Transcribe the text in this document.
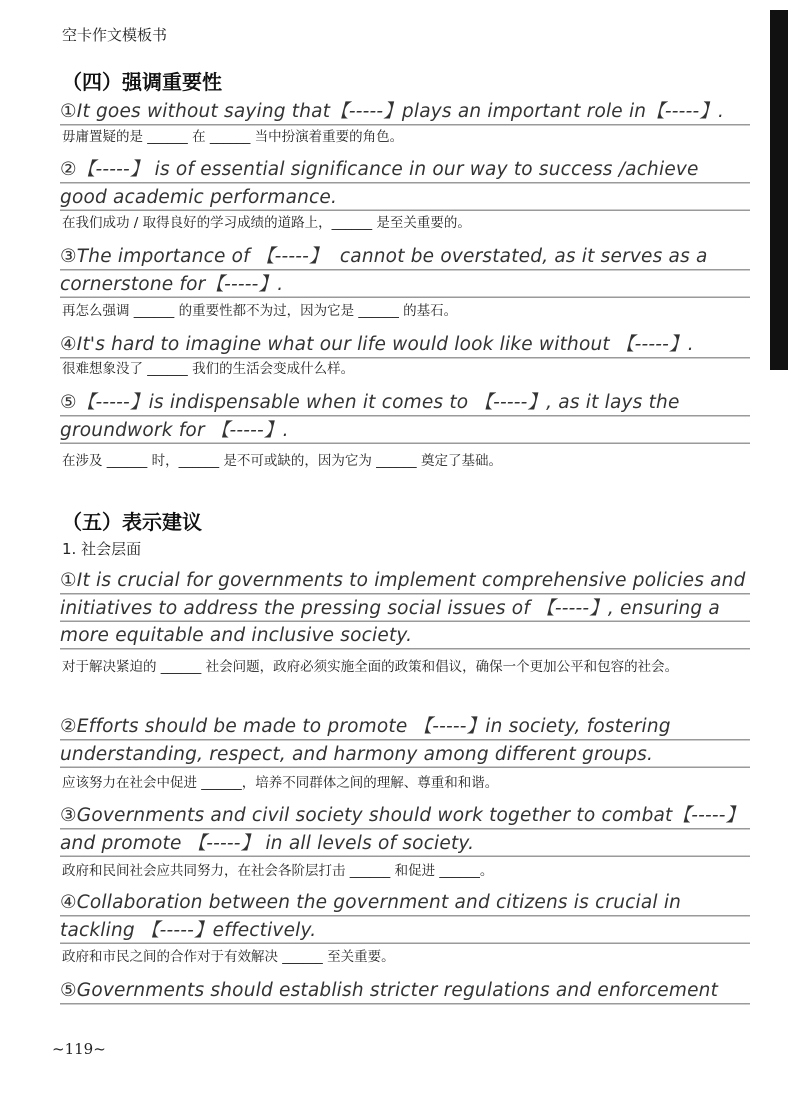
空卡作文模板书
（四）强调重要性
①It goes without saying that【-----】plays an important role in【-----】.
毋庸置疑的是 ______ 在 ______ 当中扮演着重要的角色。
②【-----】 is of essential significance in our way to success /achieve good academic performance.
在我们成功 / 取得良好的学习成绩的道路上，______ 是至关重要的。
③The importance of 【-----】  cannot be overstated, as it serves as a cornerstone for【-----】.
再怎么强调 ______ 的重要性都不为过，因为它是 ______ 的基石。
④It's hard to imagine what our life would look like without 【-----】.
很难想象没了 ______ 我们的生活会变成什么样。
⑤【-----】is indispensable when it comes to 【-----】, as it lays the groundwork for 【-----】.
在涉及 ______ 时，______ 是不可或缺的，因为它为 ______ 奠定了基础。
（五）表示建议
1. 社会层面
①It is crucial for governments to implement comprehensive policies and initiatives to address the pressing social issues of 【-----】, ensuring a more equitable and inclusive society.
对于解决紧迫的 ______ 社会问题，政府必须实施全面的政策和倡议，确保一个更加公平和包容的社会。
②Efforts should be made to promote 【-----】in society, fostering understanding, respect, and harmony among different groups.
应该努力在社会中促进 ______，培养不同群体之间的理解、尊重和和谐。
③Governments and civil society should work together to combat【-----】 and promote 【-----】 in all levels of society.
政府和民间社会应共同努力，在社会各阶层打击 ______ 和促进 ______。
④Collaboration between the government and citizens is crucial in tackling 【-----】effectively.
政府和市民之间的合作对于有效解决 ______ 至关重要。
⑤Governments should establish stricter regulations and enforcement
~119~
